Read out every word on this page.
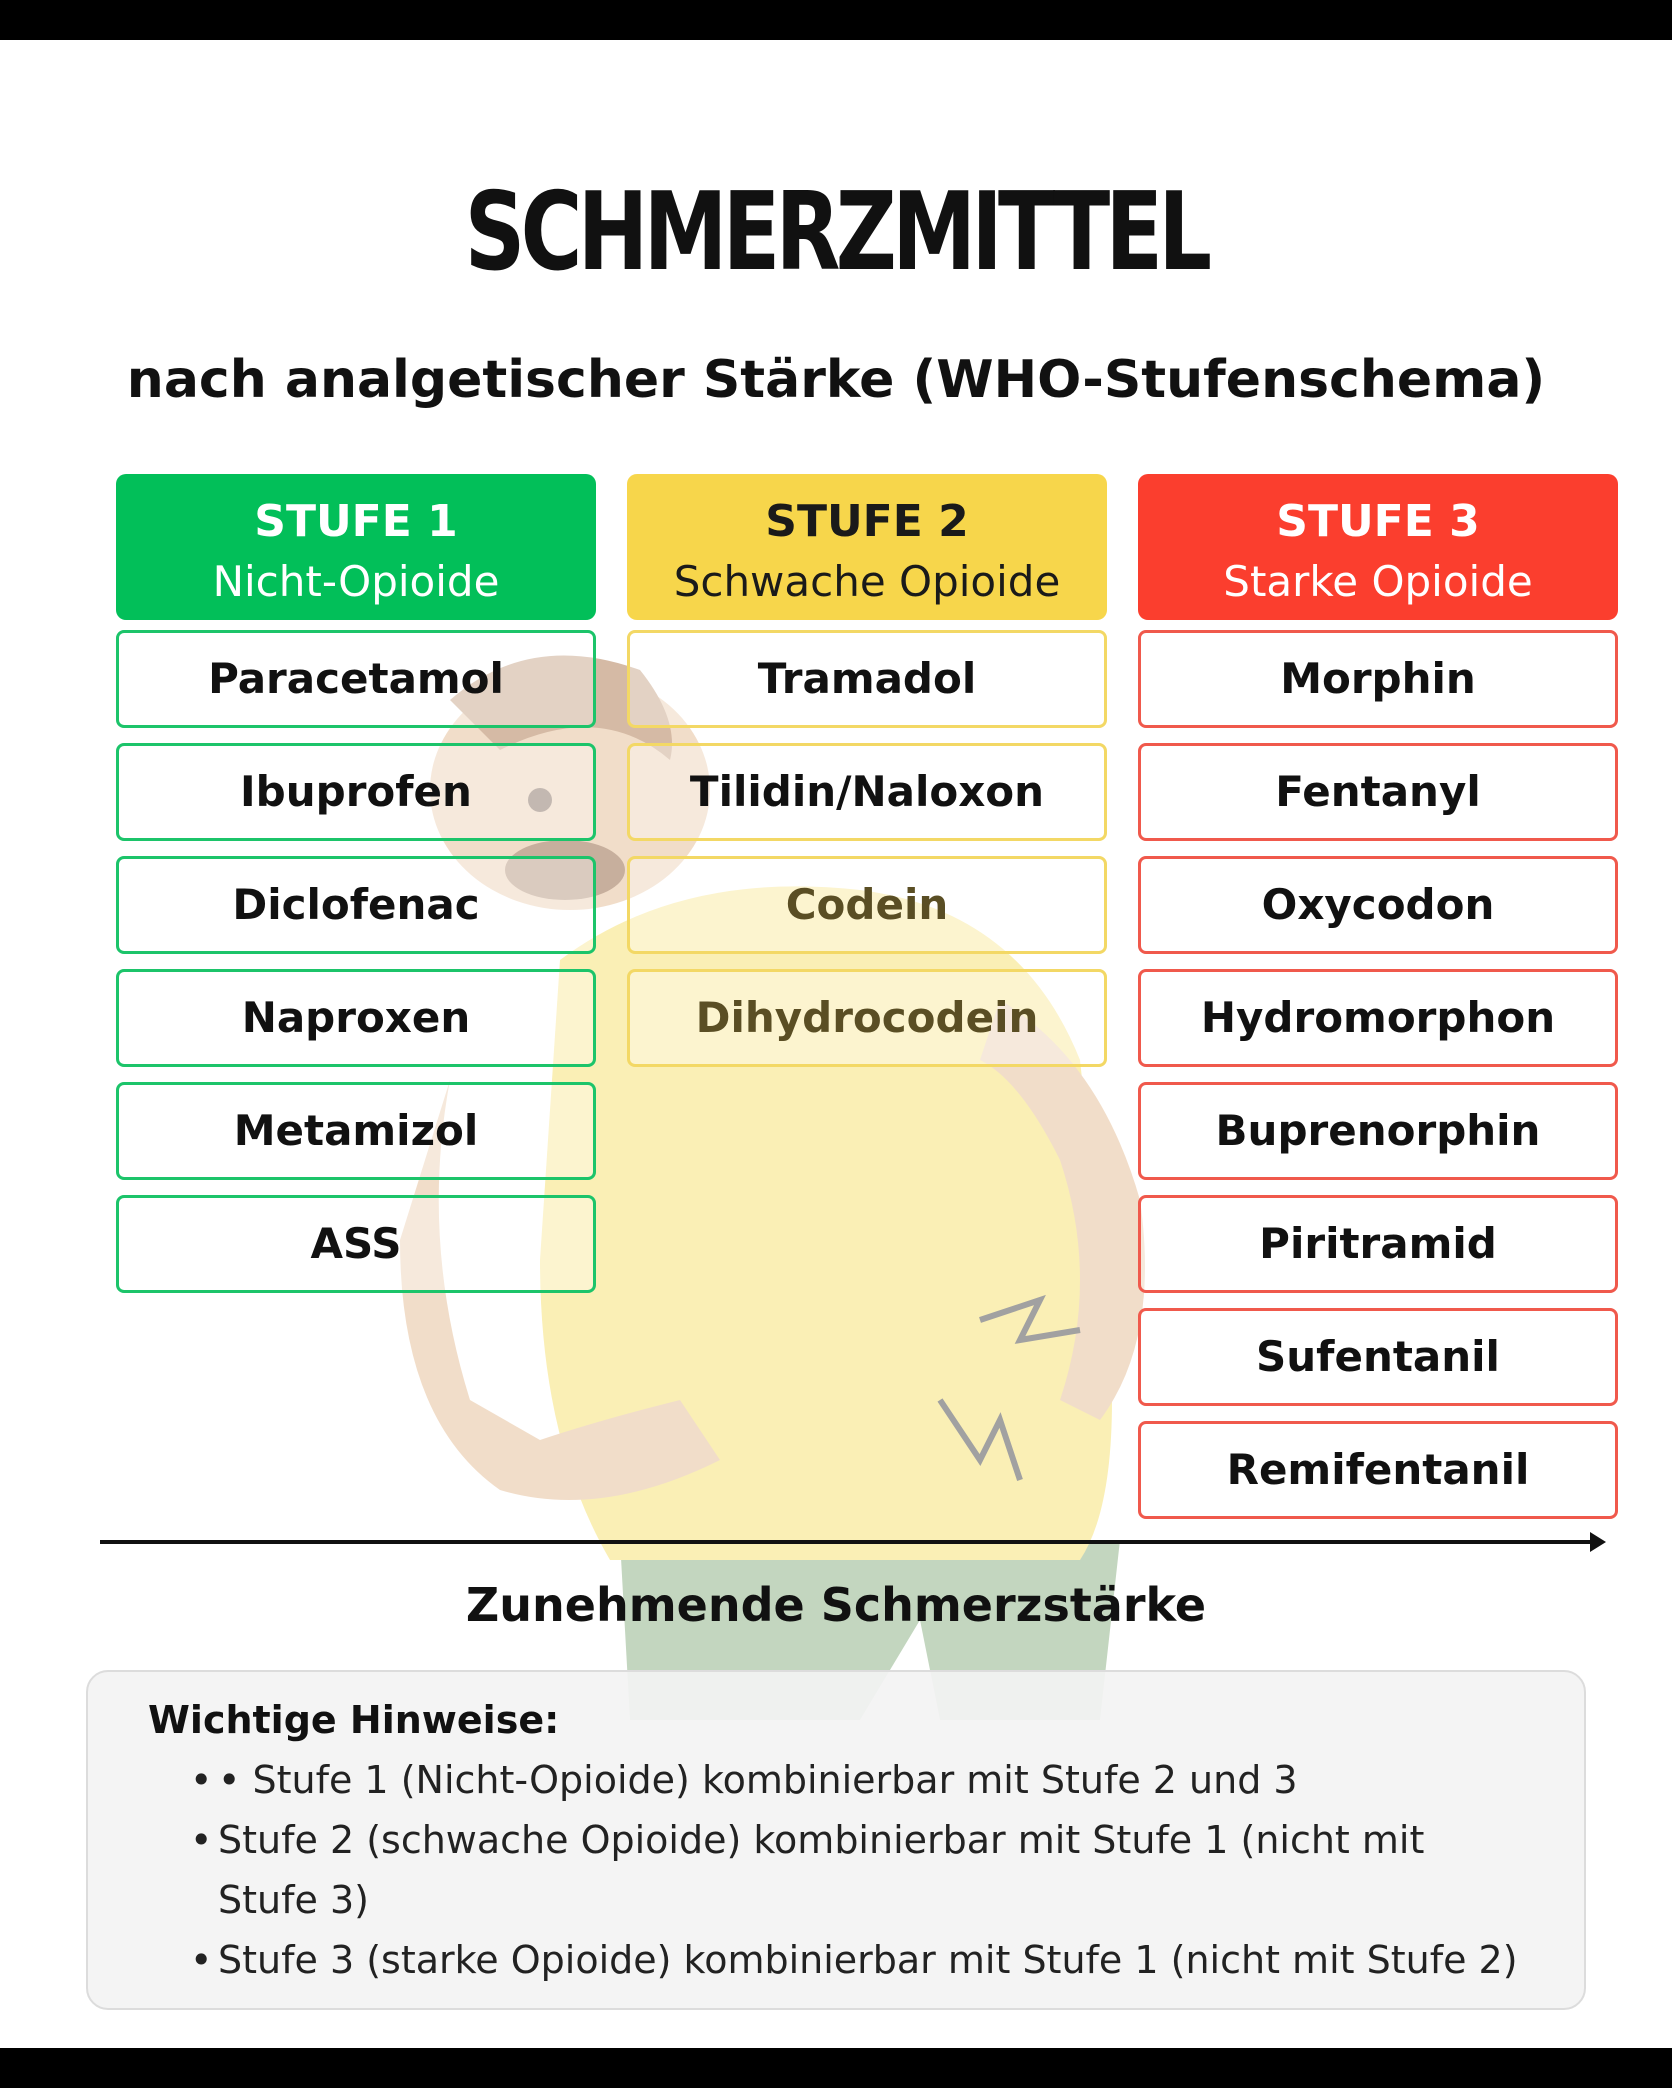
SCHMERZMITTEL
nach analgetischer Stärke (WHO-Stufenschema)
STUFE 1
Nicht-Opioide
Paracetamol
Ibuprofen
Diclofenac
Naproxen
Metamizol
ASS
STUFE 2
Schwache Opioide
Tramadol
Tilidin/Naloxon
Codein
Dihydrocodein
STUFE 3
Starke Opioide
Morphin
Fentanyl
Oxycodon
Hydromorphon
Buprenorphin
Piritramid
Sufentanil
Remifentanil
Zunehmende Schmerzstärke
Wichtige Hinweise:
• • Stufe 1 (Nicht-Opioide) kombinierbar mit Stufe 2 und 3
• Stufe 2 (schwache Opioide) kombinierbar mit Stufe 1 (nicht mit Stufe 3)
• Stufe 3 (starke Opioide) kombinierbar mit Stufe 1 (nicht mit Stufe 2)
